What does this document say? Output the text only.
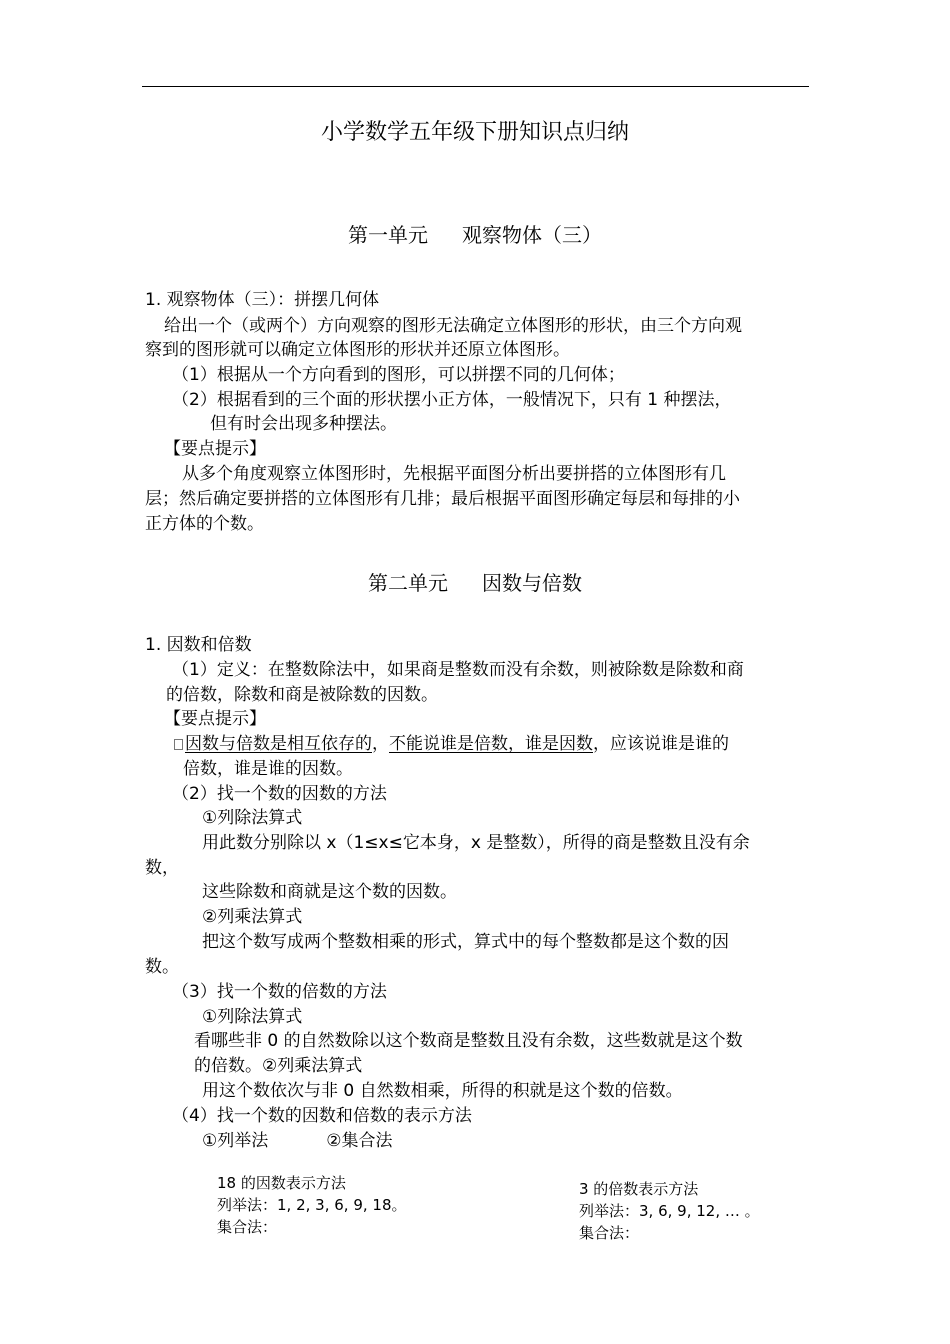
小学数学五年级下册知识点归纳
第一单元 观察物体（三）
1. 观察物体（三）：拼摆几何体
给出一个（或两个）方向观察的图形无法确定立体图形的形状，由三个方向观
察到的图形就可以确定立体图形的形状并还原立体图形。
（1）根据从一个方向看到的图形，可以拼摆不同的几何体；
（2）根据看到的三个面的形状摆小正方体，一般情况下，只有 1 种摆法，
但有时会出现多种摆法。
【要点提示】
从多个角度观察立体图形时，先根据平面图分析出要拼搭的立体图形有几
层；然后确定要拼搭的立体图形有几排；最后根据平面图形确定每层和每排的小
正方体的个数。
第二单元 因数与倍数
1. 因数和倍数
（1）定义：在整数除法中，如果商是整数而没有余数，则被除数是除数和商
的倍数，除数和商是被除数的因数。
【要点提示】
因数与倍数是相互依存的，不能说谁是倍数，谁是因数，应该说谁是谁的
倍数，谁是谁的因数。
（2）找一个数的因数的方法
①列除法算式
用此数分别除以 x（1≤x≤它本身，x 是整数），所得的商是整数且没有余
数，
这些除数和商就是这个数的因数。
②列乘法算式
把这个数写成两个整数相乘的形式，算式中的每个整数都是这个数的因
数。
（3）找一个数的倍数的方法
①列除法算式
看哪些非 0 的自然数除以这个数商是整数且没有余数，这些数就是这个数
的倍数。②列乘法算式
用这个数依次与非 0 自然数相乘，所得的积就是这个数的倍数。
（4）找一个数的因数和倍数的表示方法
①列举法	②集合法
18 的因数表示方法
列举法：1, 2, 3, 6, 9, 18。
集合法：
3 的倍数表示方法
列举法：3, 6, 9, 12, … 。
集合法：
